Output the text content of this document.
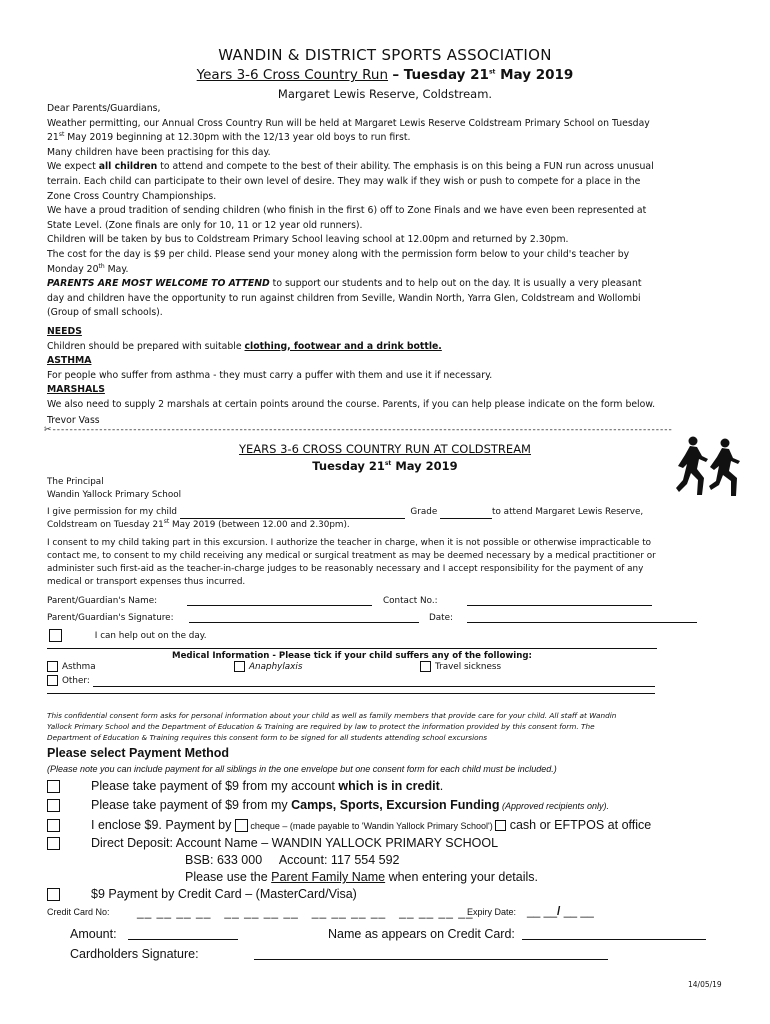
WANDIN & DISTRICT SPORTS ASSOCIATION
Years 3-6 Cross Country Run – Tuesday 21st May 2019
Margaret Lewis Reserve, Coldstream.

Dear Parents/Guardians,

Weather permitting, our Annual Cross Country Run will be held at Margaret Lewis Reserve Coldstream Primary School on Tuesday

21st May 2019 beginning at 12.30pm with the 12/13 year old boys to run first.

Many children have been practising for this day.

We expect all children to attend and compete to the best of their ability. The emphasis is on this being a FUN run across unusual

terrain. Each child can participate to their own level of desire. They may walk if they wish or push to compete for a place in the

Zone Cross Country Championships.

We have a proud tradition of sending children (who finish in the first 6) off to Zone Finals and we have even been represented at

State Level. (Zone finals are only for 10, 11 or 12 year old runners).

Children will be taken by bus to Coldstream Primary School leaving school at 12.00pm and returned by 2.30pm.

The cost for the day is $9 per child. Please send your money along with the permission form below to your child's teacher by

Monday 20th May.

PARENTS ARE MOST WELCOME TO ATTEND to support our students and to help out on the day. It is usually a very pleasant

day and children have the opportunity to run against children from Seville, Wandin North, Yarra Glen, Coldstream and Wollombi

(Group of small schools).

NEEDS

Children should be prepared with suitable clothing, footwear and a drink bottle.

ASTHMA

For people who suffer from asthma - they must carry a puffer with them and use it if necessary.

MARSHALS

We also need to supply 2 marshals at certain points around the course. Parents, if you can help please indicate on the form below.

Trevor Vass

✂--------------------------------------------------------------------------------------------------------------------------------------------------
YEARS 3-6 CROSS COUNTRY RUN AT COLDSTREAM
Tuesday 21st May 2019
The Principal
Wandin Yallock Primary School
I give permission for my child	Grade	to attend Margaret Lewis Reserve,
Coldstream on Tuesday 21st May 2019 (between 12.00 and 2.30pm).
I consent to my child taking part in this excursion. I authorize the teacher in charge, when it is not possible or otherwise impracticable to
contact me, to consent to my child receiving any medical or surgical treatment as may be deemed necessary by a medical practitioner or
administer such first-aid as the teacher-in-charge judges to be reasonably necessary and I accept responsibility for the payment of any
medical or transport expenses thus incurred.
Parent/Guardian's Name:	Contact No.:
Parent/Guardian's Signature:	Date:
I can help out on the day.
Medical Information - Please tick if your child suffers any of the following:
Asthma	Anaphylaxis	Travel sickness
Other:
This confidential consent form asks for personal information about your child as well as family members that provide care for your child. All staff at Wandin
Yallock Primary School and the Department of Education & Training are required by law to protect the information provided by this consent form. The
Department of Education & Training requires this consent form to be signed for all students attending school excursions
Please select Payment Method
(Please note you can include payment for all siblings in the one envelope but one consent form for each child must be included.)
Please take payment of $9 from my account which is in credit.
Please take payment of $9 from my Camps, Sports, Excursion Funding (Approved recipients only).
I enclose $9. Payment by  cheque – (made payable to 'Wandin Yallock Primary School')  cash or EFTPOS at office
Direct Deposit: Account Name – WANDIN YALLOCK PRIMARY SCHOOL
BSB: 633 000     Account: 117 554 592
Please use the Parent Family Name when entering your details.
$9 Payment by Credit Card – (MasterCard/Visa)
Credit Card No: __ __ __ __   __ __ __ __   __ __ __ __   __ __ __ __
Expiry Date: __ __/ __ __
Amount:	Name as appears on Credit Card:
Cardholders Signature:
14/05/19
